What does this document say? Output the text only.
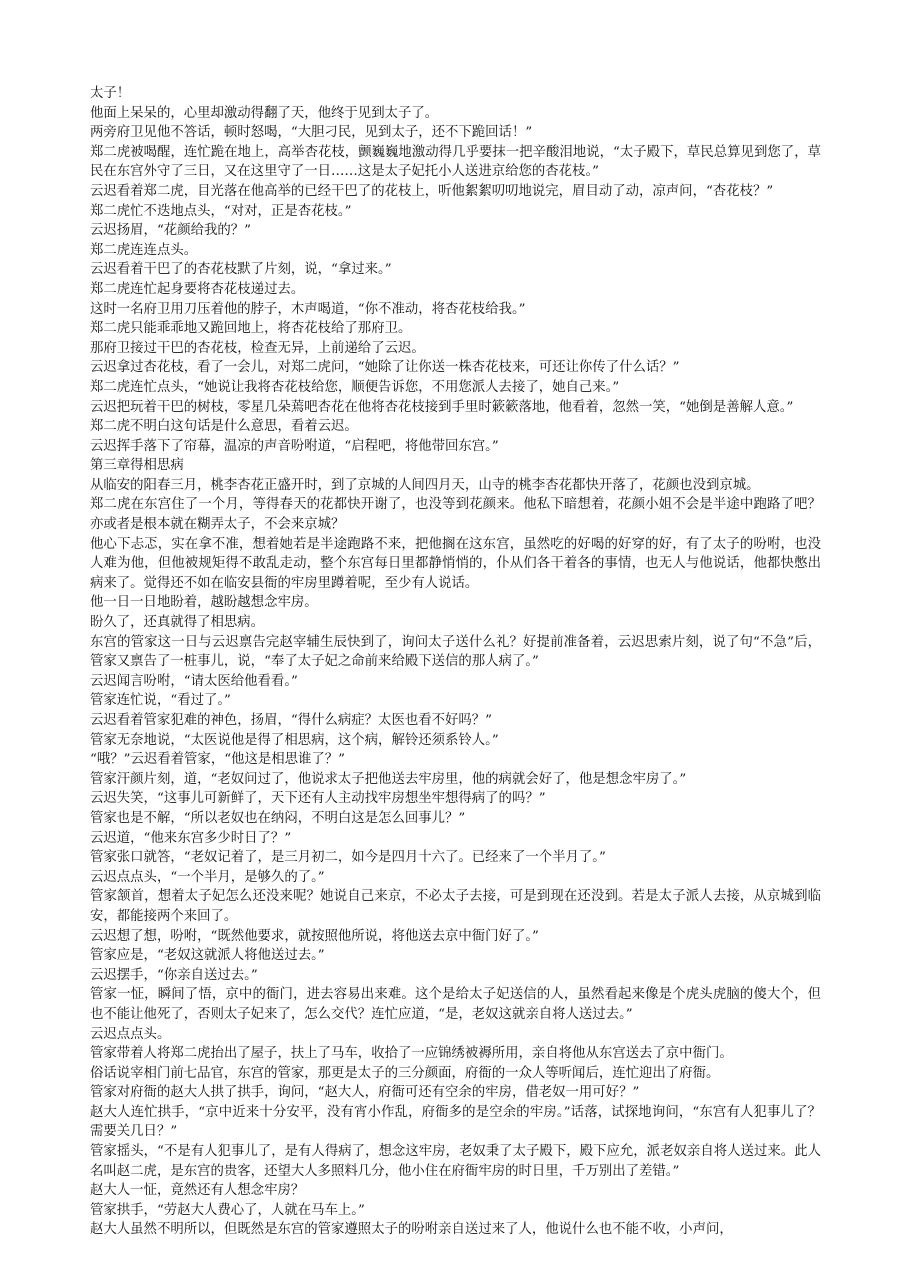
太子！

他面上呆呆的，心里却激动得翻了天，他终于见到太子了。

两旁府卫见他不答话，顿时怒喝，“大胆刁民，见到太子，还不下跪回话！”

郑二虎被喝醒，连忙跪在地上，高举杏花枝，颤巍巍地激动得几乎要抹一把辛酸泪地说，“太子殿下，草民总算见到您了，草民在东宫外守了三日，又在这里守了一日……这是太子妃托小人送进京给您的杏花枝。”

云迟看着郑二虎，目光落在他高举的已经干巴了的花枝上，听他絮絮叨叨地说完，眉目动了动，凉声问，“杏花枝？”

郑二虎忙不迭地点头，“对对，正是杏花枝。”

云迟扬眉，“花颜给我的？”

郑二虎连连点头。

云迟看着干巴了的杏花枝默了片刻，说，“拿过来。”

郑二虎连忙起身要将杏花枝递过去。

这时一名府卫用刀压着他的脖子，木声喝道，“你不准动，将杏花枝给我。”

郑二虎只能乖乖地又跪回地上，将杏花枝给了那府卫。

那府卫接过干巴的杏花枝，检查无异，上前递给了云迟。

云迟拿过杏花枝，看了一会儿，对郑二虎问，“她除了让你送一株杏花枝来，可还让你传了什么话？”

郑二虎连忙点头，“她说让我将杏花枝给您，顺便告诉您，不用您派人去接了，她自己来。”

云迟把玩着干巴的树枝，零星几朵蔫吧杏花在他将杏花枝接到手里时簌簌落地，他看着，忽然一笑，“她倒是善解人意。”

郑二虎不明白这句话是什么意思，看着云迟。

云迟挥手落下了帘幕，温凉的声音吩咐道，“启程吧，将他带回东宫。”

第三章得相思病

从临安的阳春三月，桃李杏花正盛开时，到了京城的人间四月天，山寺的桃李杏花都快开落了，花颜也没到京城。

郑二虎在东宫住了一个月，等得春天的花都快开谢了，也没等到花颜来。他私下暗想着，花颜小姐不会是半途中跑路了吧？亦或者是根本就在糊弄太子，不会来京城？

他心下忐忑，实在拿不准，想着她若是半途跑路不来，把他搁在这东宫，虽然吃的好喝的好穿的好，有了太子的吩咐，也没人难为他，但他被规矩得不敢乱走动，整个东宫每日里都静悄悄的，仆从们各干着各的事情，也无人与他说话，他都快憋出病来了。觉得还不如在临安县衙的牢房里蹲着呢，至少有人说话。

他一日一日地盼着，越盼越想念牢房。

盼久了，还真就得了相思病。

东宫的管家这一日与云迟禀告完赵宰辅生辰快到了，询问太子送什么礼？好提前准备着，云迟思索片刻，说了句“不急”后，管家又禀告了一桩事儿，说，“奉了太子妃之命前来给殿下送信的那人病了。”

云迟闻言吩咐，“请太医给他看看。”

管家连忙说，“看过了。”

云迟看着管家犯难的神色，扬眉，“得什么病症？太医也看不好吗？”

管家无奈地说，“太医说他是得了相思病，这个病，解铃还须系铃人。”

“哦？”云迟看着管家，“他这是相思谁了？”

管家汗颜片刻，道，“老奴问过了，他说求太子把他送去牢房里，他的病就会好了，他是想念牢房了。”

云迟失笑，“这事儿可新鲜了，天下还有人主动找牢房想坐牢想得病了的吗？”

管家也是不解，“所以老奴也在纳闷，不明白这是怎么回事儿？”

云迟道，“他来东宫多少时日了？”

管家张口就答，“老奴记着了，是三月初二，如今是四月十六了。已经来了一个半月了。”

云迟点点头，“一个半月，是够久的了。”

管家颔首，想着太子妃怎么还没来呢？她说自己来京，不必太子去接，可是到现在还没到。若是太子派人去接，从京城到临安，都能接两个来回了。

云迟想了想，吩咐，“既然他要求，就按照他所说，将他送去京中衙门好了。”

管家应是，“老奴这就派人将他送过去。”

云迟摆手，“你亲自送过去。”

管家一怔，瞬间了悟，京中的衙门，进去容易出来难。这个是给太子妃送信的人，虽然看起来像是个虎头虎脑的傻大个，但也不能让他死了，否则太子妃来了，怎么交代？连忙应道，“是，老奴这就亲自将人送过去。”

云迟点点头。

管家带着人将郑二虎抬出了屋子，扶上了马车，收拾了一应锦绣被褥所用，亲自将他从东宫送去了京中衙门。

俗话说宰相门前七品官，东宫的管家，那更是太子的三分颜面，府衙的一众人等听闻后，连忙迎出了府衙。

管家对府衙的赵大人拱了拱手，询问，“赵大人，府衙可还有空余的牢房，借老奴一用可好？”

赵大人连忙拱手，“京中近来十分安平，没有宵小作乱，府衙多的是空余的牢房。”话落，试探地询问，“东宫有人犯事儿了？需要关几日？”

管家摇头，“不是有人犯事儿了，是有人得病了，想念这牢房，老奴秉了太子殿下，殿下应允，派老奴亲自将人送过来。此人名叫赵二虎，是东宫的贵客，还望大人多照料几分，他小住在府衙牢房的时日里，千万别出了差错。”

赵大人一怔，竟然还有人想念牢房？

管家拱手，“劳赵大人费心了，人就在马车上。”

赵大人虽然不明所以，但既然是东宫的管家遵照太子的吩咐亲自送过来了人，他说什么也不能不收，小声问，
